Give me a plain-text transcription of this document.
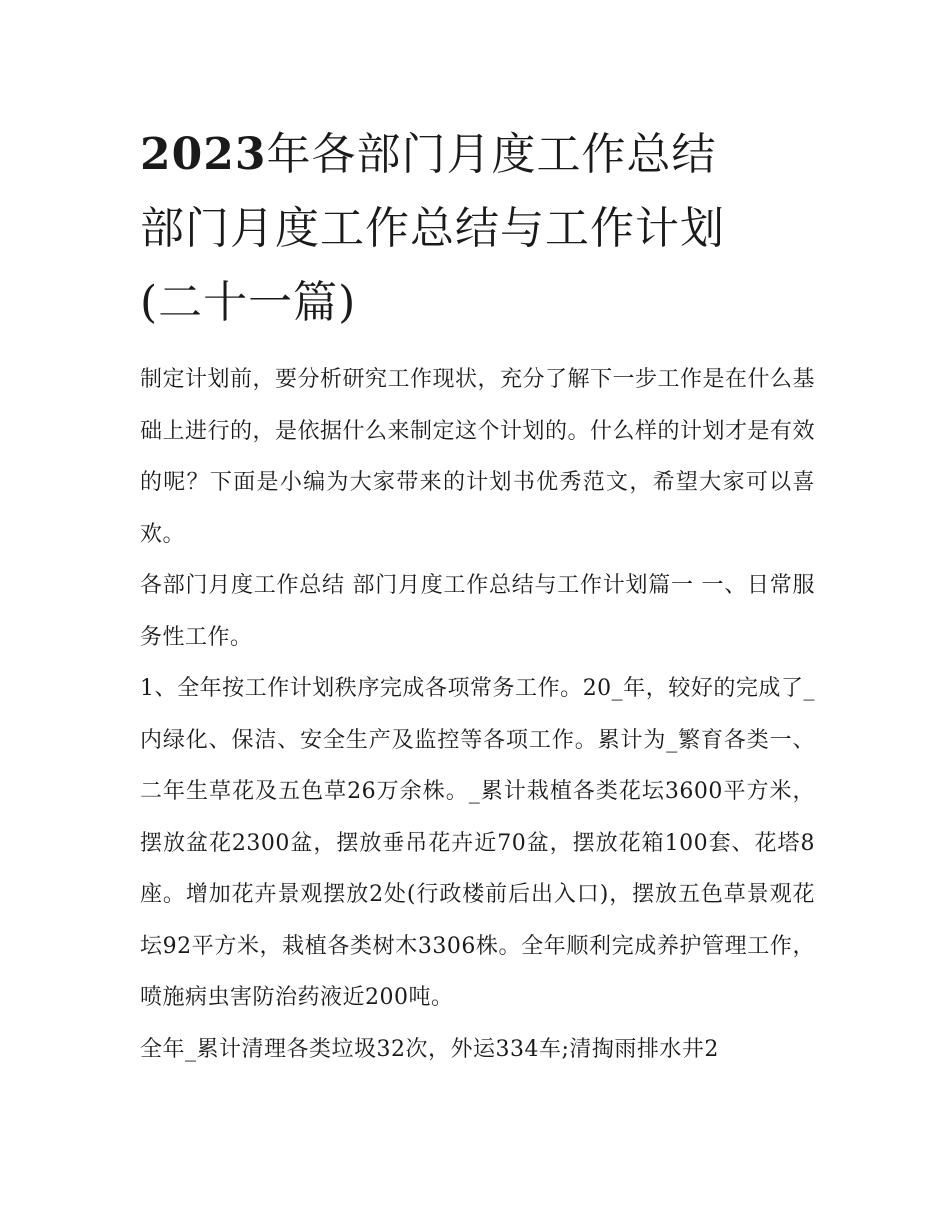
2023年各部门月度工作总结
部门月度工作总结与工作计划
(二十一篇)

制定计划前，要分析研究工作现状，充分了解下一步工作是在什么基础上进行的，是依据什么来制定这个计划的。什么样的计划才是有效的呢？下面是小编为大家带来的计划书优秀范文，希望大家可以喜欢。

各部门月度工作总结 部门月度工作总结与工作计划篇一 一、日常服务性工作。

1、全年按工作计划秩序完成各项常务工作。20_年，较好的完成了_内绿化、保洁、安全生产及监控等各项工作。累计为_繁育各类一、二年生草花及五色草26万余株。_累计栽植各类花坛3600平方米，摆放盆花2300盆，摆放垂吊花卉近70盆，摆放花箱100套、花塔8座。增加花卉景观摆放2处(行政楼前后出入口)，摆放五色草景观花坛92平方米，栽植各类树木3306株。全年顺利完成养护管理工作，喷施病虫害防治药液近200吨。

全年_累计清理各类垃圾32次，外运334车;清掏雨排水井2
